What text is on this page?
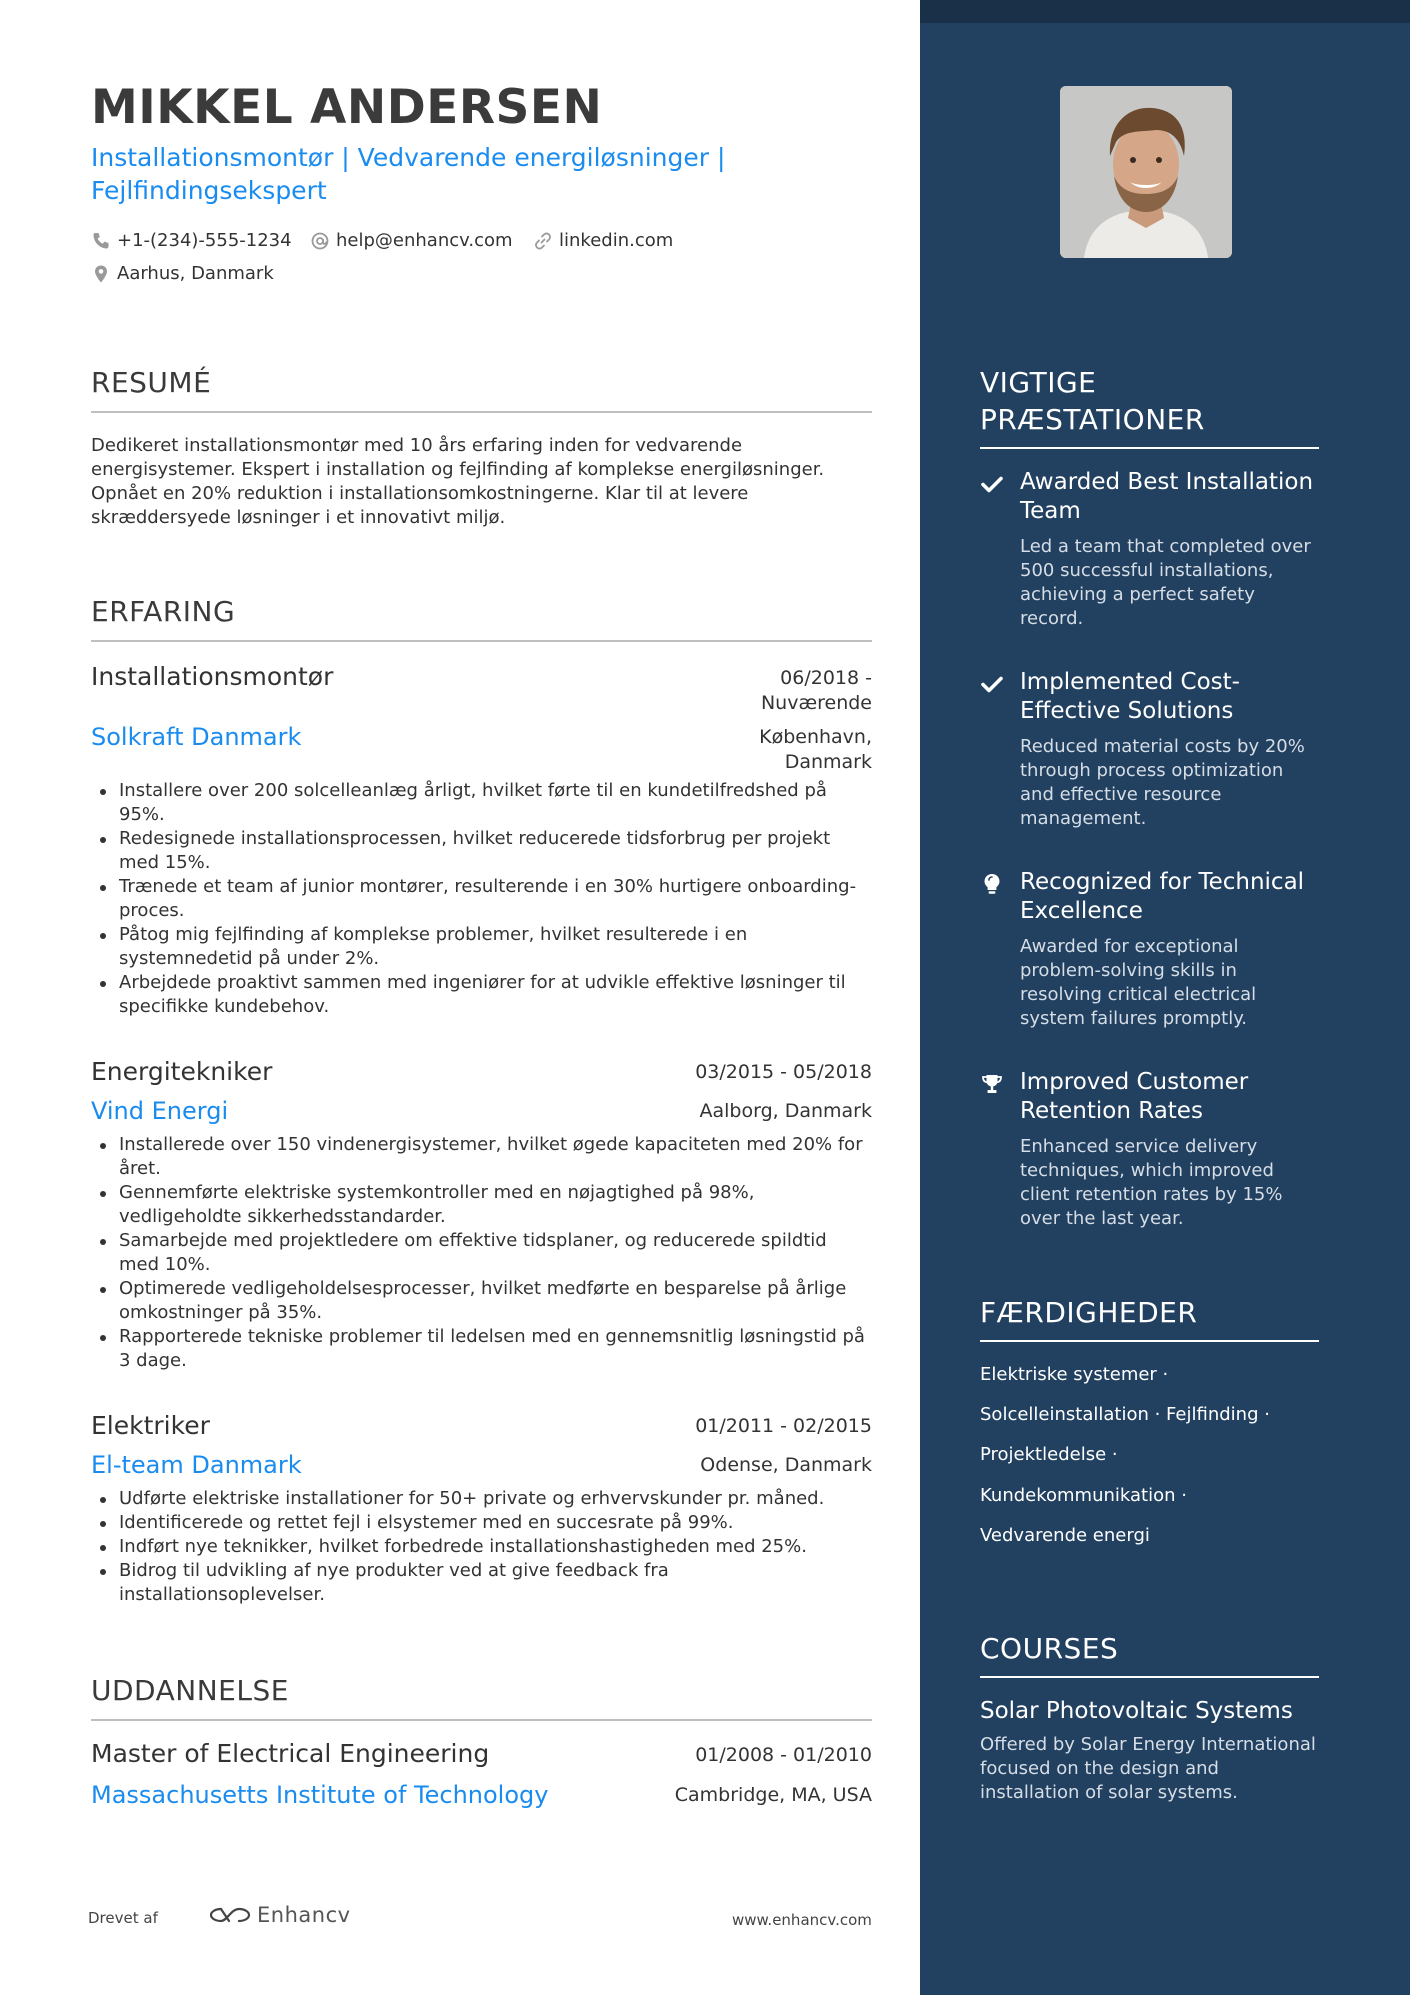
MIKKEL ANDERSEN
Installationsmontør | Vedvarende energiløsninger | Fejlfindingsekspert
+1-(234)-555-1234 help@enhancv.com	linkedin.com
Aarhus, Danmark
RESUMÉ
Dedikeret installationsmontør med 10 års erfaring inden for vedvarende energisystemer. Ekspert i installation og fejlfinding af komplekse energiløsninger. Opnået en 20% reduktion i installationsomkostningerne. Klar til at levere skræddersyede løsninger i et innovativt miljø.
ERFARING
Installationsmontør	06/2018 -
Nuværende
Solkraft Danmark	København,
Danmark
Installere over 200 solcelleanlæg årligt, hvilket førte til en kundetilfredshed på 95%.
Redesignede installationsprocessen, hvilket reducerede tidsforbrug per projekt med 15%.
Trænede et team af junior montører, resulterende i en 30% hurtigere onboarding-proces.
Påtog mig fejlfinding af komplekse problemer, hvilket resulterede i en systemnedetid på under 2%.
Arbejdede proaktivt sammen med ingeniører for at udvikle effektive løsninger til specifikke kundebehov.
Energitekniker	03/2015 - 05/2018
Vind Energi	Aalborg, Danmark
Installerede over 150 vindenergisystemer, hvilket øgede kapaciteten med 20% for året.
Gennemførte elektriske systemkontroller med en nøjagtighed på 98%, vedligeholdte sikkerhedsstandarder.
Samarbejde med projektledere om effektive tidsplaner, og reducerede spildtid med 10%.
Optimerede vedligeholdelsesprocesser, hvilket medførte en besparelse på årlige omkostninger på 35%.
Rapporterede tekniske problemer til ledelsen med en gennemsnitlig løsningstid på 3 dage.
Elektriker	01/2011 - 02/2015
El-team Danmark	Odense, Danmark
Udførte elektriske installationer for 50+ private og erhvervskunder pr. måned.
Identificerede og rettet fejl i elsystemer med en succesrate på 99%.
Indført nye teknikker, hvilket forbedrede installationshastigheden med 25%.
Bidrog til udvikling af nye produkter ved at give feedback fra installationsoplevelser.
UDDANNELSE
Master of Electrical Engineering	01/2008 - 01/2010
Massachusetts Institute of Technology	Cambridge, MA, USA
Drevet af	Enhancv	www.enhancv.com
VIGTIGE
PRÆSTATIONER
Awarded Best Installation Team
Led a team that completed over 500 successful installations, achieving a perfect safety record.
Implemented Cost-Effective Solutions
Reduced material costs by 20% through process optimization and effective resource management.
Recognized for Technical Excellence
Awarded for exceptional problem-solving skills in resolving critical electrical system failures promptly.
Improved Customer Retention Rates
Enhanced service delivery techniques, which improved client retention rates by 15% over the last year.
FÆRDIGHEDER
Elektriske systemer ·
Solcelleinstallation · Fejlfinding ·
Projektledelse ·
Kundekommunikation ·
Vedvarende energi
COURSES
Solar Photovoltaic Systems
Offered by Solar Energy International focused on the design and installation of solar systems.
